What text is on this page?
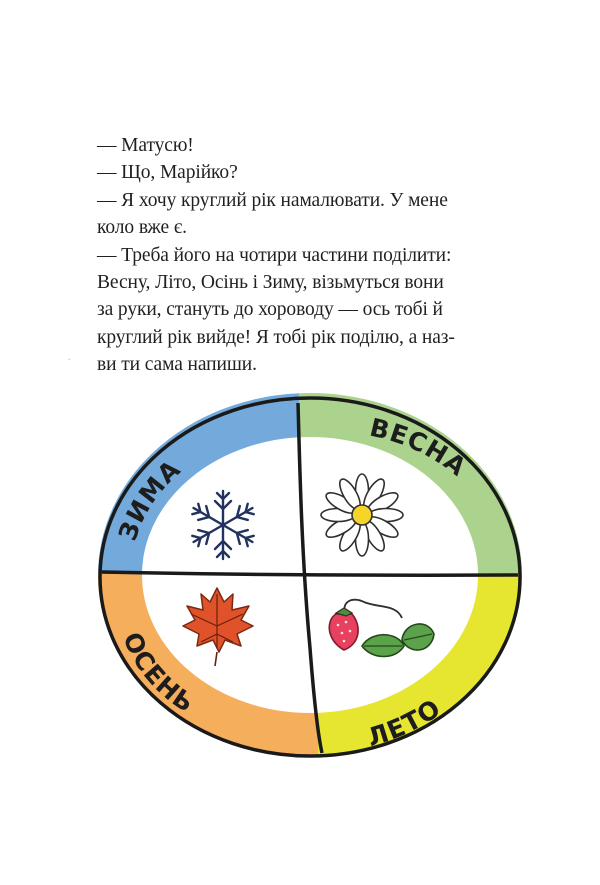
— Матусю!

— Що, Марійко?

— Я хочу круглий рік намалювати. У мене

коло вже є.

— Треба його на чотири частини поділити:

Весну, Літо, Осінь і Зиму, візьмуться вони

за руки, стануть до хороводу — ось тобі й

круглий рік вийде! Я тобі рік поділю, а наз-

ви ти сама напиши.

.
ЗИМА
ВЕСНА
ОСЕНЬ
ЛЕТО
